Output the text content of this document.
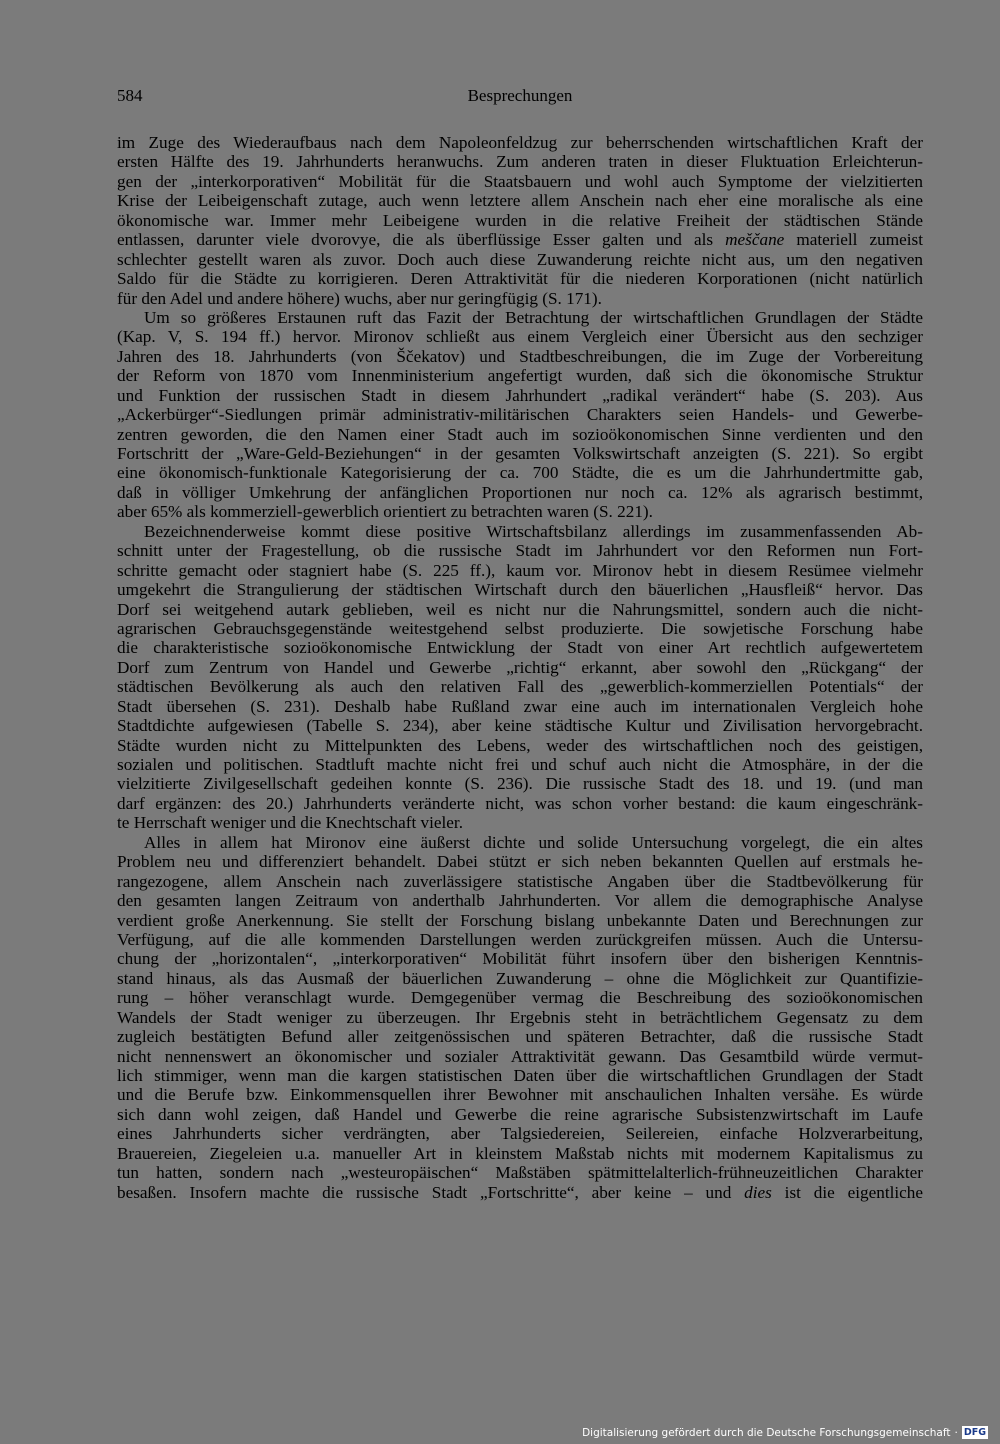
584	Besprechungen
im Zuge des Wiederaufbaus nach dem Napoleonfeldzug zur beherrschenden wirtschaftlichen Kraft der
ersten Hälfte des 19. Jahrhunderts heranwuchs. Zum anderen traten in dieser Fluktuation Erleichterun-
gen der „interkorporativen“ Mobilität für die Staatsbauern und wohl auch Symptome der vielzitierten
Krise der Leibeigenschaft zutage, auch wenn letztere allem Anschein nach eher eine moralische als eine
ökonomische war. Immer mehr Leibeigene wurden in die relative Freiheit der städtischen Stände
entlassen, darunter viele dvorovye, die als überflüssige Esser galten und als meščane materiell zumeist
schlechter gestellt waren als zuvor. Doch auch diese Zuwanderung reichte nicht aus, um den negativen
Saldo für die Städte zu korrigieren. Deren Attraktivität für die niederen Korporationen (nicht natürlich
für den Adel und andere höhere) wuchs, aber nur geringfügig (S. 171).
Um so größeres Erstaunen ruft das Fazit der Betrachtung der wirtschaftlichen Grundlagen der Städte
(Kap. V, S. 194 ff.) hervor. Mironov schließt aus einem Vergleich einer Übersicht aus den sechziger
Jahren des 18. Jahrhunderts (von Ščekatov) und Stadtbeschreibungen, die im Zuge der Vorbereitung
der Reform von 1870 vom Innenministerium angefertigt wurden, daß sich die ökonomische Struktur
und Funktion der russischen Stadt in diesem Jahrhundert „radikal verändert“ habe (S. 203). Aus
„Ackerbürger“-Siedlungen primär administrativ-militärischen Charakters seien Handels- und Gewerbe-
zentren geworden, die den Namen einer Stadt auch im sozioökonomischen Sinne verdienten und den
Fortschritt der „Ware-Geld-Beziehungen“ in der gesamten Volkswirtschaft anzeigten (S. 221). So ergibt
eine ökonomisch-funktionale Kategorisierung der ca. 700 Städte, die es um die Jahrhundertmitte gab,
daß in völliger Umkehrung der anfänglichen Proportionen nur noch ca. 12% als agrarisch bestimmt,
aber 65% als kommerziell-gewerblich orientiert zu betrachten waren (S. 221).
Bezeichnenderweise kommt diese positive Wirtschaftsbilanz allerdings im zusammenfassenden Ab-
schnitt unter der Fragestellung, ob die russische Stadt im Jahrhundert vor den Reformen nun Fort-
schritte gemacht oder stagniert habe (S. 225 ff.), kaum vor. Mironov hebt in diesem Resümee vielmehr
umgekehrt die Strangulierung der städtischen Wirtschaft durch den bäuerlichen „Hausfleiß“ hervor. Das
Dorf sei weitgehend autark geblieben, weil es nicht nur die Nahrungsmittel, sondern auch die nicht-
agrarischen Gebrauchsgegenstände weitestgehend selbst produzierte. Die sowjetische Forschung habe
die charakteristische sozioökonomische Entwicklung der Stadt von einer Art rechtlich aufgewertetem
Dorf zum Zentrum von Handel und Gewerbe „richtig“ erkannt, aber sowohl den „Rückgang“ der
städtischen Bevölkerung als auch den relativen Fall des „gewerblich-kommerziellen Potentials“ der
Stadt übersehen (S. 231). Deshalb habe Rußland zwar eine auch im internationalen Vergleich hohe
Stadtdichte aufgewiesen (Tabelle S. 234), aber keine städtische Kultur und Zivilisation hervorgebracht.
Städte wurden nicht zu Mittelpunkten des Lebens, weder des wirtschaftlichen noch des geistigen,
sozialen und politischen. Stadtluft machte nicht frei und schuf auch nicht die Atmosphäre, in der die
vielzitierte Zivilgesellschaft gedeihen konnte (S. 236). Die russische Stadt des 18. und 19. (und man
darf ergänzen: des 20.) Jahrhunderts veränderte nicht, was schon vorher bestand: die kaum eingeschränk-
te Herrschaft weniger und die Knechtschaft vieler.
Alles in allem hat Mironov eine äußerst dichte und solide Untersuchung vorgelegt, die ein altes
Problem neu und differenziert behandelt. Dabei stützt er sich neben bekannten Quellen auf erstmals he-
rangezogene, allem Anschein nach zuverlässigere statistische Angaben über die Stadtbevölkerung für
den gesamten langen Zeitraum von anderthalb Jahrhunderten. Vor allem die demographische Analyse
verdient große Anerkennung. Sie stellt der Forschung bislang unbekannte Daten und Berechnungen zur
Verfügung, auf die alle kommenden Darstellungen werden zurückgreifen müssen. Auch die Untersu-
chung der „horizontalen“, „interkorporativen“ Mobilität führt insofern über den bisherigen Kenntnis-
stand hinaus, als das Ausmaß der bäuerlichen Zuwanderung – ohne die Möglichkeit zur Quantifizie-
rung – höher veranschlagt wurde. Demgegenüber vermag die Beschreibung des sozioökonomischen
Wandels der Stadt weniger zu überzeugen. Ihr Ergebnis steht in beträchtlichem Gegensatz zu dem
zugleich bestätigten Befund aller zeitgenössischen und späteren Betrachter, daß die russische Stadt
nicht nennenswert an ökonomischer und sozialer Attraktivität gewann. Das Gesamtbild würde vermut-
lich stimmiger, wenn man die kargen statistischen Daten über die wirtschaftlichen Grundlagen der Stadt
und die Berufe bzw. Einkommensquellen ihrer Bewohner mit anschaulichen Inhalten versähe. Es würde
sich dann wohl zeigen, daß Handel und Gewerbe die reine agrarische Subsistenzwirtschaft im Laufe
eines Jahrhunderts sicher verdrängten, aber Talgsiedereien, Seilereien, einfache Holzverarbeitung,
Brauereien, Ziegeleien u.a. manueller Art in kleinstem Maßstab nichts mit modernem Kapitalismus zu
tun hatten, sondern nach „westeuropäischen“ Maßstäben spätmittelalterlich-frühneuzeitlichen Charakter
besaßen. Insofern machte die russische Stadt „Fortschritte“, aber keine – und dies ist die eigentliche
Digitalisierung gefördert durch die Deutsche Forschungsgemeinschaft · DFG
